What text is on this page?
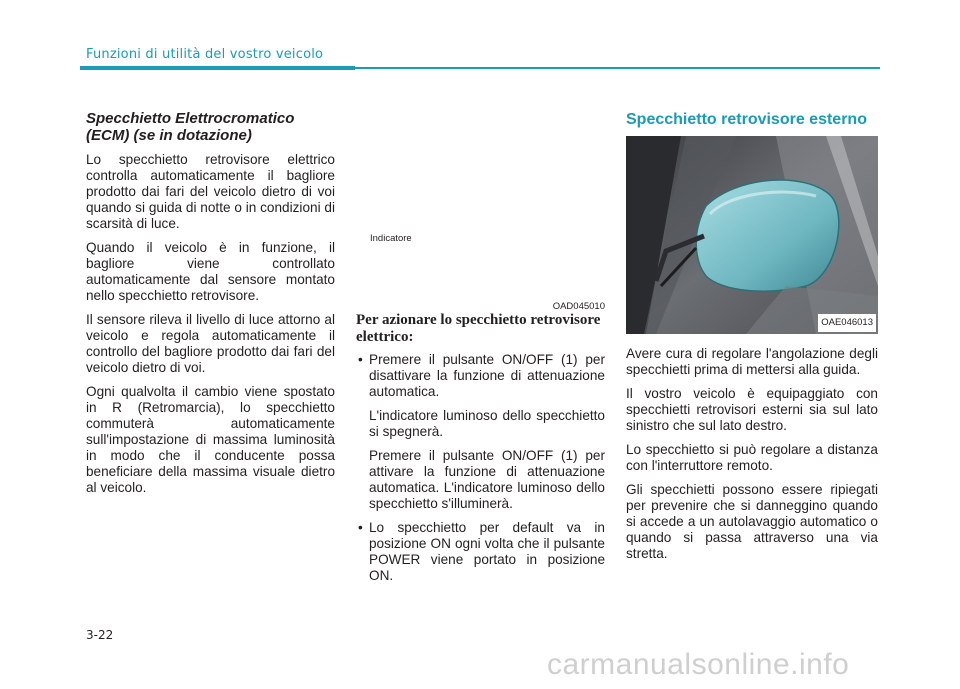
Funzioni di utilità del vostro veicolo
Specchietto Elettrocromatico (ECM) (se in dotazione)

Lo specchietto retrovisore elettrico controlla automaticamente il bagliore prodotto dai fari del veicolo dietro di voi quando si guida di notte o in condizioni di scarsità di luce.

Quando il veicolo è in funzione, il bagliore viene controllato automaticamente dal sensore montato nello specchietto retrovisore.

Il sensore rileva il livello di luce attorno al veicolo e regola automaticamente il controllo del bagliore prodotto dai fari del veicolo dietro di voi.

Ogni qualvolta il cambio viene spostato in R (Retromarcia), lo specchietto commuterà automaticamente sull'impostazione di massima luminosità in modo che il conducente possa beneficiare della massima visuale dietro al veicolo.

Indicatore
OAD045010
Per azionare lo specchietto retrovisore elettrico:

• Premere il pulsante ON/OFF (1) per disattivare la funzione di attenuazione automatica.

L'indicatore luminoso dello specchietto si spegnerà.

Premere il pulsante ON/OFF (1) per attivare la funzione di attenuazione automatica. L'indicatore luminoso dello specchietto s'illuminerà.

• Lo specchietto per default va in posizione ON ogni volta che il pulsante POWER viene portato in posizione ON.

Specchietto retrovisore esterno
OAE046013

Avere cura di regolare l'angolazione degli specchietti prima di mettersi alla guida.

Il vostro veicolo è equipaggiato con specchietti retrovisori esterni sia sul lato sinistro che sul lato destro.

Lo specchietto si può regolare a distanza con l'interruttore remoto.

Gli specchietti possono essere ripiegati per prevenire che si danneggino quando si accede a un autolavaggio automatico o quando si passa attraverso una via stretta.

3-22
carmanualsonline.info
